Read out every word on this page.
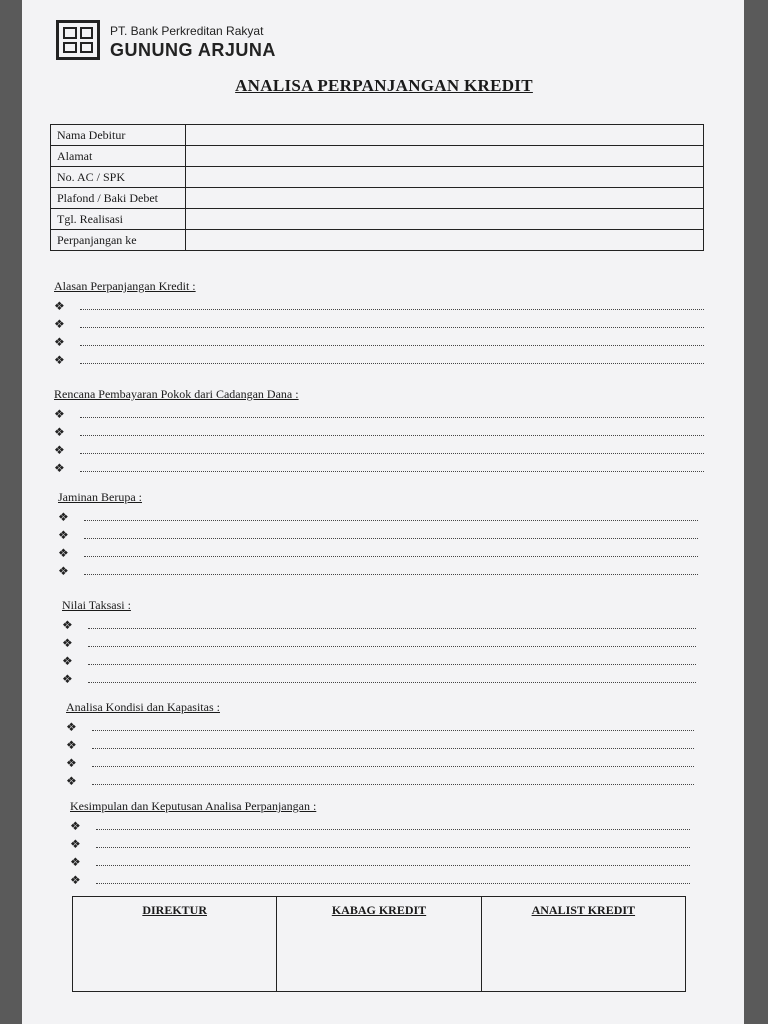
PT. Bank Perkreditan Rakyat
GUNUNG ARJUNA
ANALISA PERPANJANGAN KREDIT
Nama Debitur	
Alamat	
No. AC / SPK	
Plafond / Baki Debet	
Tgl. Realisasi	
Perpanjangan ke	
Alasan Perpanjangan Kredit :
❖
❖
❖
❖
Rencana Pembayaran Pokok dari Cadangan Dana :
❖
❖
❖
❖
Jaminan Berupa :
❖
❖
❖
❖
Nilai Taksasi :
❖
❖
❖
❖
Analisa Kondisi dan Kapasitas :
❖
❖
❖
❖
Kesimpulan dan Keputusan Analisa Perpanjangan :
❖
❖
❖
❖
DIREKTUR	KABAG KREDIT	ANALIST KREDIT
